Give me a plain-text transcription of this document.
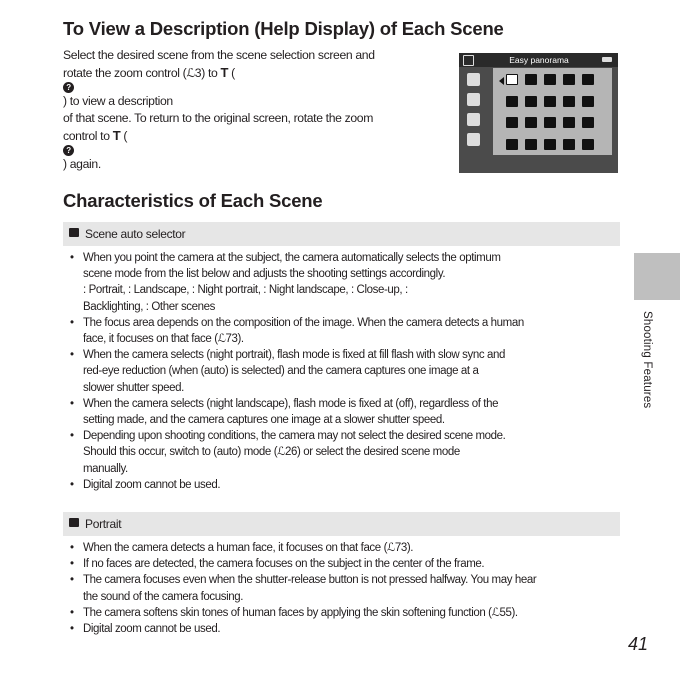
To View a Description (Help Display) of Each Scene
Select the desired scene from the scene selection screen and
rotate the zoom control (ℒ3) to T (
?
) to view a description
of that scene. To return to the original screen, rotate the zoom
control to T (
?
) again.
Easy panorama
Characteristics of Each Scene
Scene auto selector
• When you point the camera at the subject, the camera automatically selects the optimum
scene mode from the list below and adjusts the shooting settings accordingly.
: Portrait, : Landscape, : Night portrait, : Night landscape, : Close-up, :
Backlighting, : Other scenes
• The focus area depends on the composition of the image. When the camera detects a human
face, it focuses on that face (ℒ73).
• When the camera selects (night portrait), flash mode is fixed at fill flash with slow sync and
red-eye reduction (when (auto) is selected) and the camera captures one image at a
slower shutter speed.
• When the camera selects (night landscape), flash mode is fixed at (off), regardless of the
setting made, and the camera captures one image at a slower shutter speed.
• Depending upon shooting conditions, the camera may not select the desired scene mode.
Should this occur, switch to (auto) mode (ℒ26) or select the desired scene mode
manually.
• Digital zoom cannot be used.
Portrait
• When the camera detects a human face, it focuses on that face (ℒ73).
• If no faces are detected, the camera focuses on the subject in the center of the frame.
• The camera focuses even when the shutter-release button is not pressed halfway. You may hear
the sound of the camera focusing.
• The camera softens skin tones of human faces by applying the skin softening function (ℒ55).
• Digital zoom cannot be used.
Shooting Features
41
